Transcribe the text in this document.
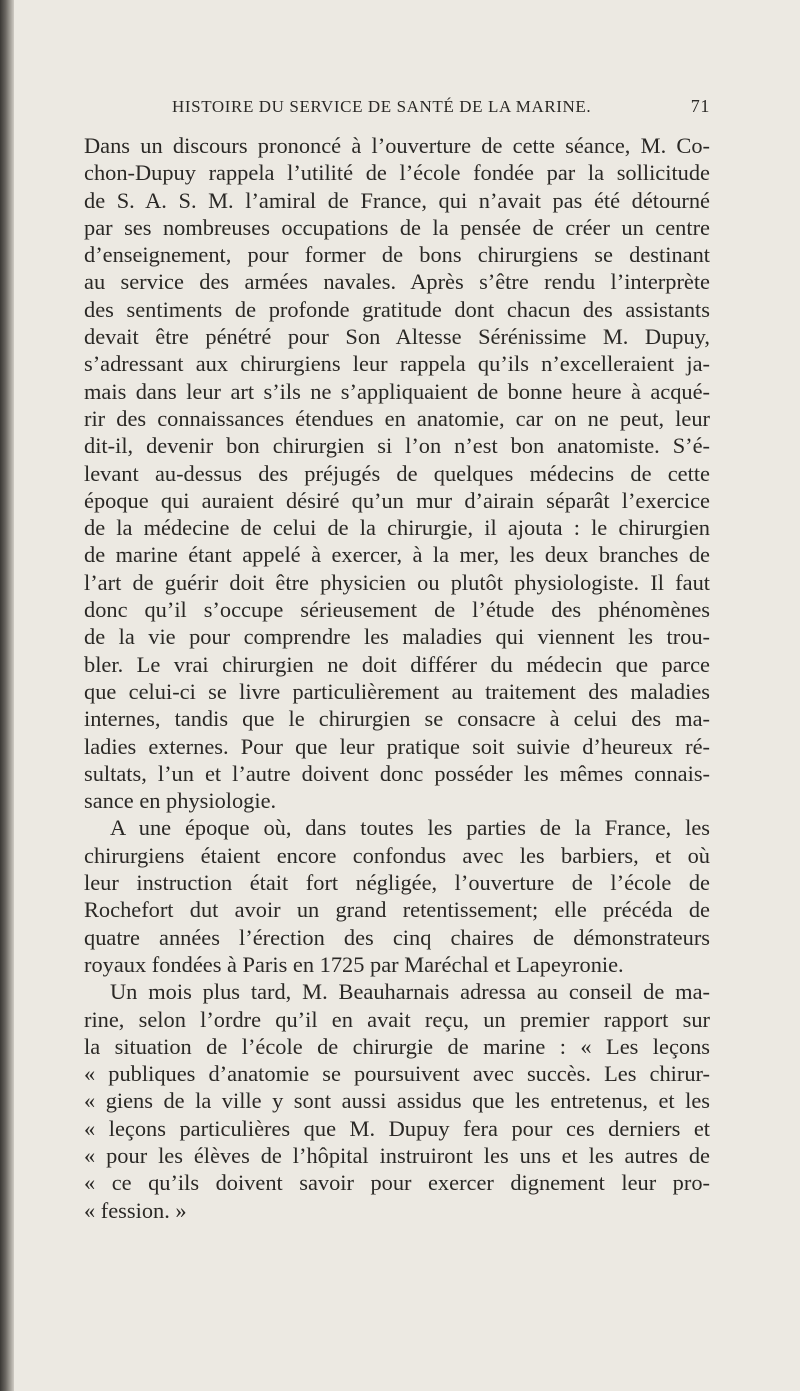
HISTOIRE DU SERVICE DE SANTÉ DE LA MARINE.	71

Dans un discours prononcé à l’ouverture de cette séance, M. Co-
chon-Dupuy rappela l’utilité de l’école fondée par la sollicitude
de S. A. S. M. l’amiral de France, qui n’avait pas été détourné
par ses nombreuses occupations de la pensée de créer un centre
d’enseignement, pour former de bons chirurgiens se destinant
au service des armées navales. Après s’être rendu l’interprète
des sentiments de profonde gratitude dont chacun des assistants
devait être pénétré pour Son Altesse Sérénissime M. Dupuy,
s’adressant aux chirurgiens leur rappela qu’ils n’excelleraient ja-
mais dans leur art s’ils ne s’appliquaient de bonne heure à acqué-
rir des connaissances étendues en anatomie, car on ne peut, leur
dit-il, devenir bon chirurgien si l’on n’est bon anatomiste. S’é-
levant au-dessus des préjugés de quelques médecins de cette
époque qui auraient désiré qu’un mur d’airain séparât l’exercice
de la médecine de celui de la chirurgie, il ajouta : le chirurgien
de marine étant appelé à exercer, à la mer, les deux branches de
l’art de guérir doit être physicien ou plutôt physiologiste. Il faut
donc qu’il s’occupe sérieusement de l’étude des phénomènes
de la vie pour comprendre les maladies qui viennent les trou-
bler. Le vrai chirurgien ne doit différer du médecin que parce
que celui-ci se livre particulièrement au traitement des maladies
internes, tandis que le chirurgien se consacre à celui des ma-
ladies externes. Pour que leur pratique soit suivie d’heureux ré-
sultats, l’un et l’autre doivent donc posséder les mêmes connais-
sance en physiologie.

A une époque où, dans toutes les parties de la France, les
chirurgiens étaient encore confondus avec les barbiers, et où
leur instruction était fort négligée, l’ouverture de l’école de
Rochefort dut avoir un grand retentissement; elle précéda de
quatre années l’érection des cinq chaires de démonstrateurs
royaux fondées à Paris en 1725 par Maréchal et Lapeyronie.

Un mois plus tard, M. Beauharnais adressa au conseil de ma-
rine, selon l’ordre qu’il en avait reçu, un premier rapport sur
la situation de l’école de chirurgie de marine : « Les leçons
« publiques d’anatomie se poursuivent avec succès. Les chirur-
« giens de la ville y sont aussi assidus que les entretenus, et les
« leçons particulières que M. Dupuy fera pour ces derniers et
« pour les élèves de l’hôpital instruiront les uns et les autres de
« ce qu’ils doivent savoir pour exercer dignement leur pro-
« fession. »
